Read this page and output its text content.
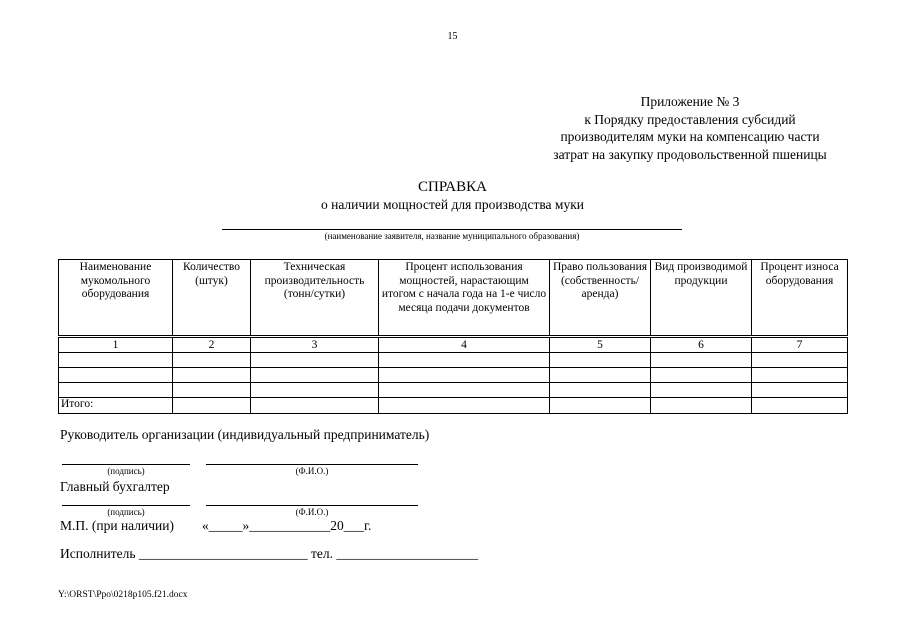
15
Приложение № 3
к Порядку предоставления субсидий
производителям муки на компенсацию части
затрат на закупку продовольственной пшеницы
СПРАВКА
о наличии мощностей для производства муки
(наименование заявителя, название муниципального образования)
Наименование мукомольного оборудования	Количество (штук)	Техническая производительность (тонн/сутки)	Процент использования мощностей, нарастающим итогом с начала года на 1-е число месяца подачи документов	Право пользования (собственность/ аренда)	Вид производимой продукции	Процент износа оборудования
1	2	3	4	5	6	7

Итого:						
Руководитель организации (индивидуальный предприниматель)
(подпись)	(Ф.И.О.)
Главный бухгалтер
(подпись)	(Ф.И.О.)
М.П. (при наличии) «_____»____________20___г.
Исполнитель _________________________ тел. _____________________
Y:\ORST\Ppo\0218p105.f21.docx
